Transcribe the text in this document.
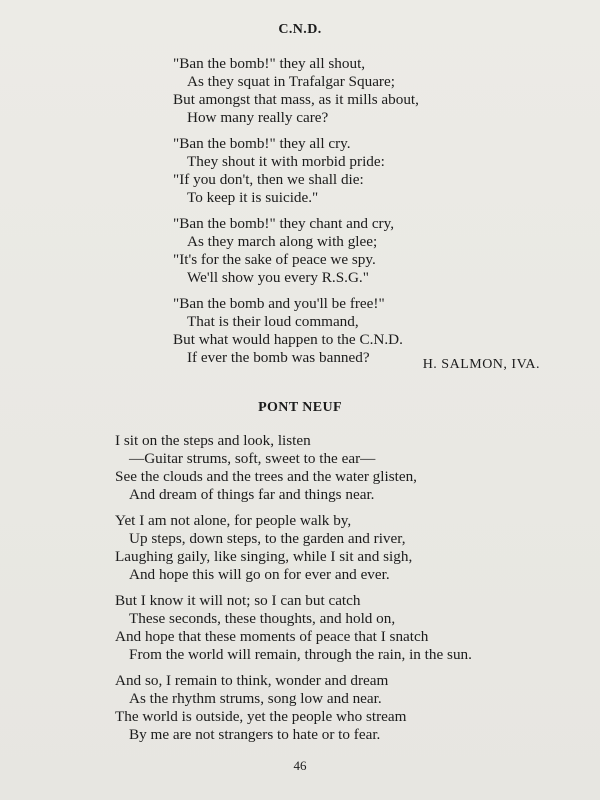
C.N.D.
"Ban the bomb!" they all shout,
As they squat in Trafalgar Square;
But amongst that mass, as it mills about,
How many really care?
"Ban the bomb!" they all cry.
They shout it with morbid pride:
"If you don't, then we shall die:
To keep it is suicide."
"Ban the bomb!" they chant and cry,
As they march along with glee;
"It's for the sake of peace we spy.
We'll show you every R.S.G."
"Ban the bomb and you'll be free!"
That is their loud command,
But what would happen to the C.N.D.
If ever the bomb was banned?	H. SALMON, IVA.
PONT NEUF
I sit on the steps and look, listen
—Guitar strums, soft, sweet to the ear—
See the clouds and the trees and the water glisten,
And dream of things far and things near.
Yet I am not alone, for people walk by,
Up steps, down steps, to the garden and river,
Laughing gaily, like singing, while I sit and sigh,
And hope this will go on for ever and ever.
But I know it will not; so I can but catch
These seconds, these thoughts, and hold on,
And hope that these moments of peace that I snatch
From the world will remain, through the rain, in the sun.
And so, I remain to think, wonder and dream
As the rhythm strums, song low and near.
The world is outside, yet the people who stream
By me are not strangers to hate or to fear.
46
